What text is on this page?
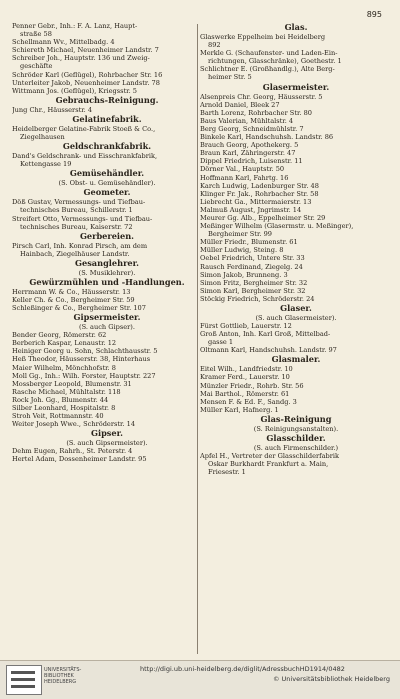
895
Penner Gebr., Inh.: F. A. Lanz, Haupt-
straße 58
Schellmann Wv., Mittelbadg. 4
Schiereth Michael, Neuenheimer Landstr. 7
Schreiber Joh., Hauptstr. 136 und Zweig-
geschäfte
Schröder Karl (Geflügel), Rohrbacher Str. 16
Unterleiter Jakob, Neuenheimer Landstr. 78
Wittmann Jos. (Geflügel), Kriegsstr. 5
Gebrauchs-Reinigung.
Jung Chr., Häusserstr. 4
Gelatinefabrik.
Heidelberger Gelatine-Fabrik Stoeß & Co.,
Ziegelhausen
Geldschrankfabrik.
Dand's Geldschrank- und Eisschrankfabrik,
Kettengasse 19
Gemüsehändler.
(S. Obst- u. Gemüsehändler).
Geometer.
Döß Gustav, Vermessungs- und Tiefbau-
technisches Bureau, Schillerstr. 1
Streifert Otto, Vermessungs- und Tiefbau-
technisches Bureau, Kaiserstr. 72
Gerbereien.
Pirsch Carl, Inh. Konrad Pirsch, am dem
Hainbach, Ziegelhäuser Landstr.
Gesanglehrer.
(S. Musiklehrer).
Gewürzmühlen und -Handlungen.
Herrmann W. & Co., Häusserstr. 13
Keller Ch. & Co., Bergheimer Str. 59
Schleßinger & Co., Bergheimer Str. 107
Gipsermeister.
(S. auch Gipser).
Bender Georg, Römerstr. 62
Berberich Kaspar, Lenaustr. 12
Heiniger Georg u. Sohn, Schlachthausstr. 5
Heß Theodor, Häusserstr. 38, Hinterhaus
Maier Wilhelm, Mönchhofstr. 8
Moll Gg., Inh.: Wilh. Forster, Hauptstr. 227
Mossberger Leopold, Blumenstr. 31
Rasche Michael, Mühltalstr. 118
Rock Joh. Gg., Blumenstr. 44
Silber Leonhard, Hospitalstr. 8
Stroh Veit, Rottmannstr. 40
Weiter Joseph Wwe., Schröderstr. 14
Gipser.
(S. auch Gipsermeister).
Dehm Eugen, Rahrh., St. Peterstr. 4
Hertel Adam, Dossenheimer Landstr. 95
Glas.
Glaswerke Eppelheim bei Heidelberg
892
Merkle G. (Schaufenster- und Laden-Ein-
richtungen, Glasschränke), Goethestr. 1
Schlichtner E. (Großhandlg.), Alte Berg-
heimer Str. 5
Glasermeister.
Alsenpreis Chr. Georg, Häusserstr. 5
Arnold Daniel, Bleek 27
Barth Lorenz, Rohrbacher Str. 80
Baus Valerian, Mühltalstr. 4
Berg Georg, Schneidmühlstr. 7
Binkele Karl, Handschuhsh. Landstr. 86
Brauch Georg, Apothekerg. 5
Braun Karl, Zähringerstr. 47
Dippel Friedrich, Luisenstr. 11
Dörner Val., Hauptstr. 50
Hoffmann Karl, Fahrtg. 16
Karch Ludwig, Ladenburger Str. 48
Klinger Fr. Jak., Rohrbacher Str. 58
Liebrecht Ga., Mittermaierstr. 13
Malmuß August, Jngrimstr. 14
Meurer Gg. Alb., Eppelheimer Str. 29
Meßinger Wilhelm (Glasermstr. u. Meßinger),
Bergheimer Str. 99
Müller Friedr., Blumenstr. 61
Müller Ludwig, Steing. 8
Oebel Friedrich, Untere Str. 33
Rausch Ferdinand, Ziegelg. 24
Simon Jakob, Brunneng. 3
Simon Fritz, Bergheimer Str. 32
Simon Karl, Bergheimer Str. 32
Stöckig Friedrich, Schröderstr. 24
Glaser.
(S. auch Glasermeister).
Fürst Gottlieb, Lauerstr. 12
Groß Anton, Inh. Karl Groß, Mittelbad-
gasse 1
Oltmann Karl, Handschuhsh. Landstr. 97
Glasmaler.
Eitel Wilh., Landfriedstr. 10
Kramer Ferd., Lauerstr. 10
Münzler Friedr., Rohrb. Str. 56
Mai Barthol., Römerstr. 61
Mensen F. & Ed. F., Sandg. 3
Müller Karl, Hafnerg. 1
Glas-Reinigung
(S. Reinigungsanstalten).
Glasschilder.
(S. auch Firmenschilder.)
Apfel H., Vertreter der Glasschilderfabrik
Oskar Burkhardt Frankfurt a. Main,
Friesestr. 1
UNIVERSITÄTS-
BIBLIOTHEK
HEIDELBERG
http://digi.ub.uni-heidelberg.de/diglit/AdressbuchHD1914/0482
© Universitätsbibliothek Heidelberg
